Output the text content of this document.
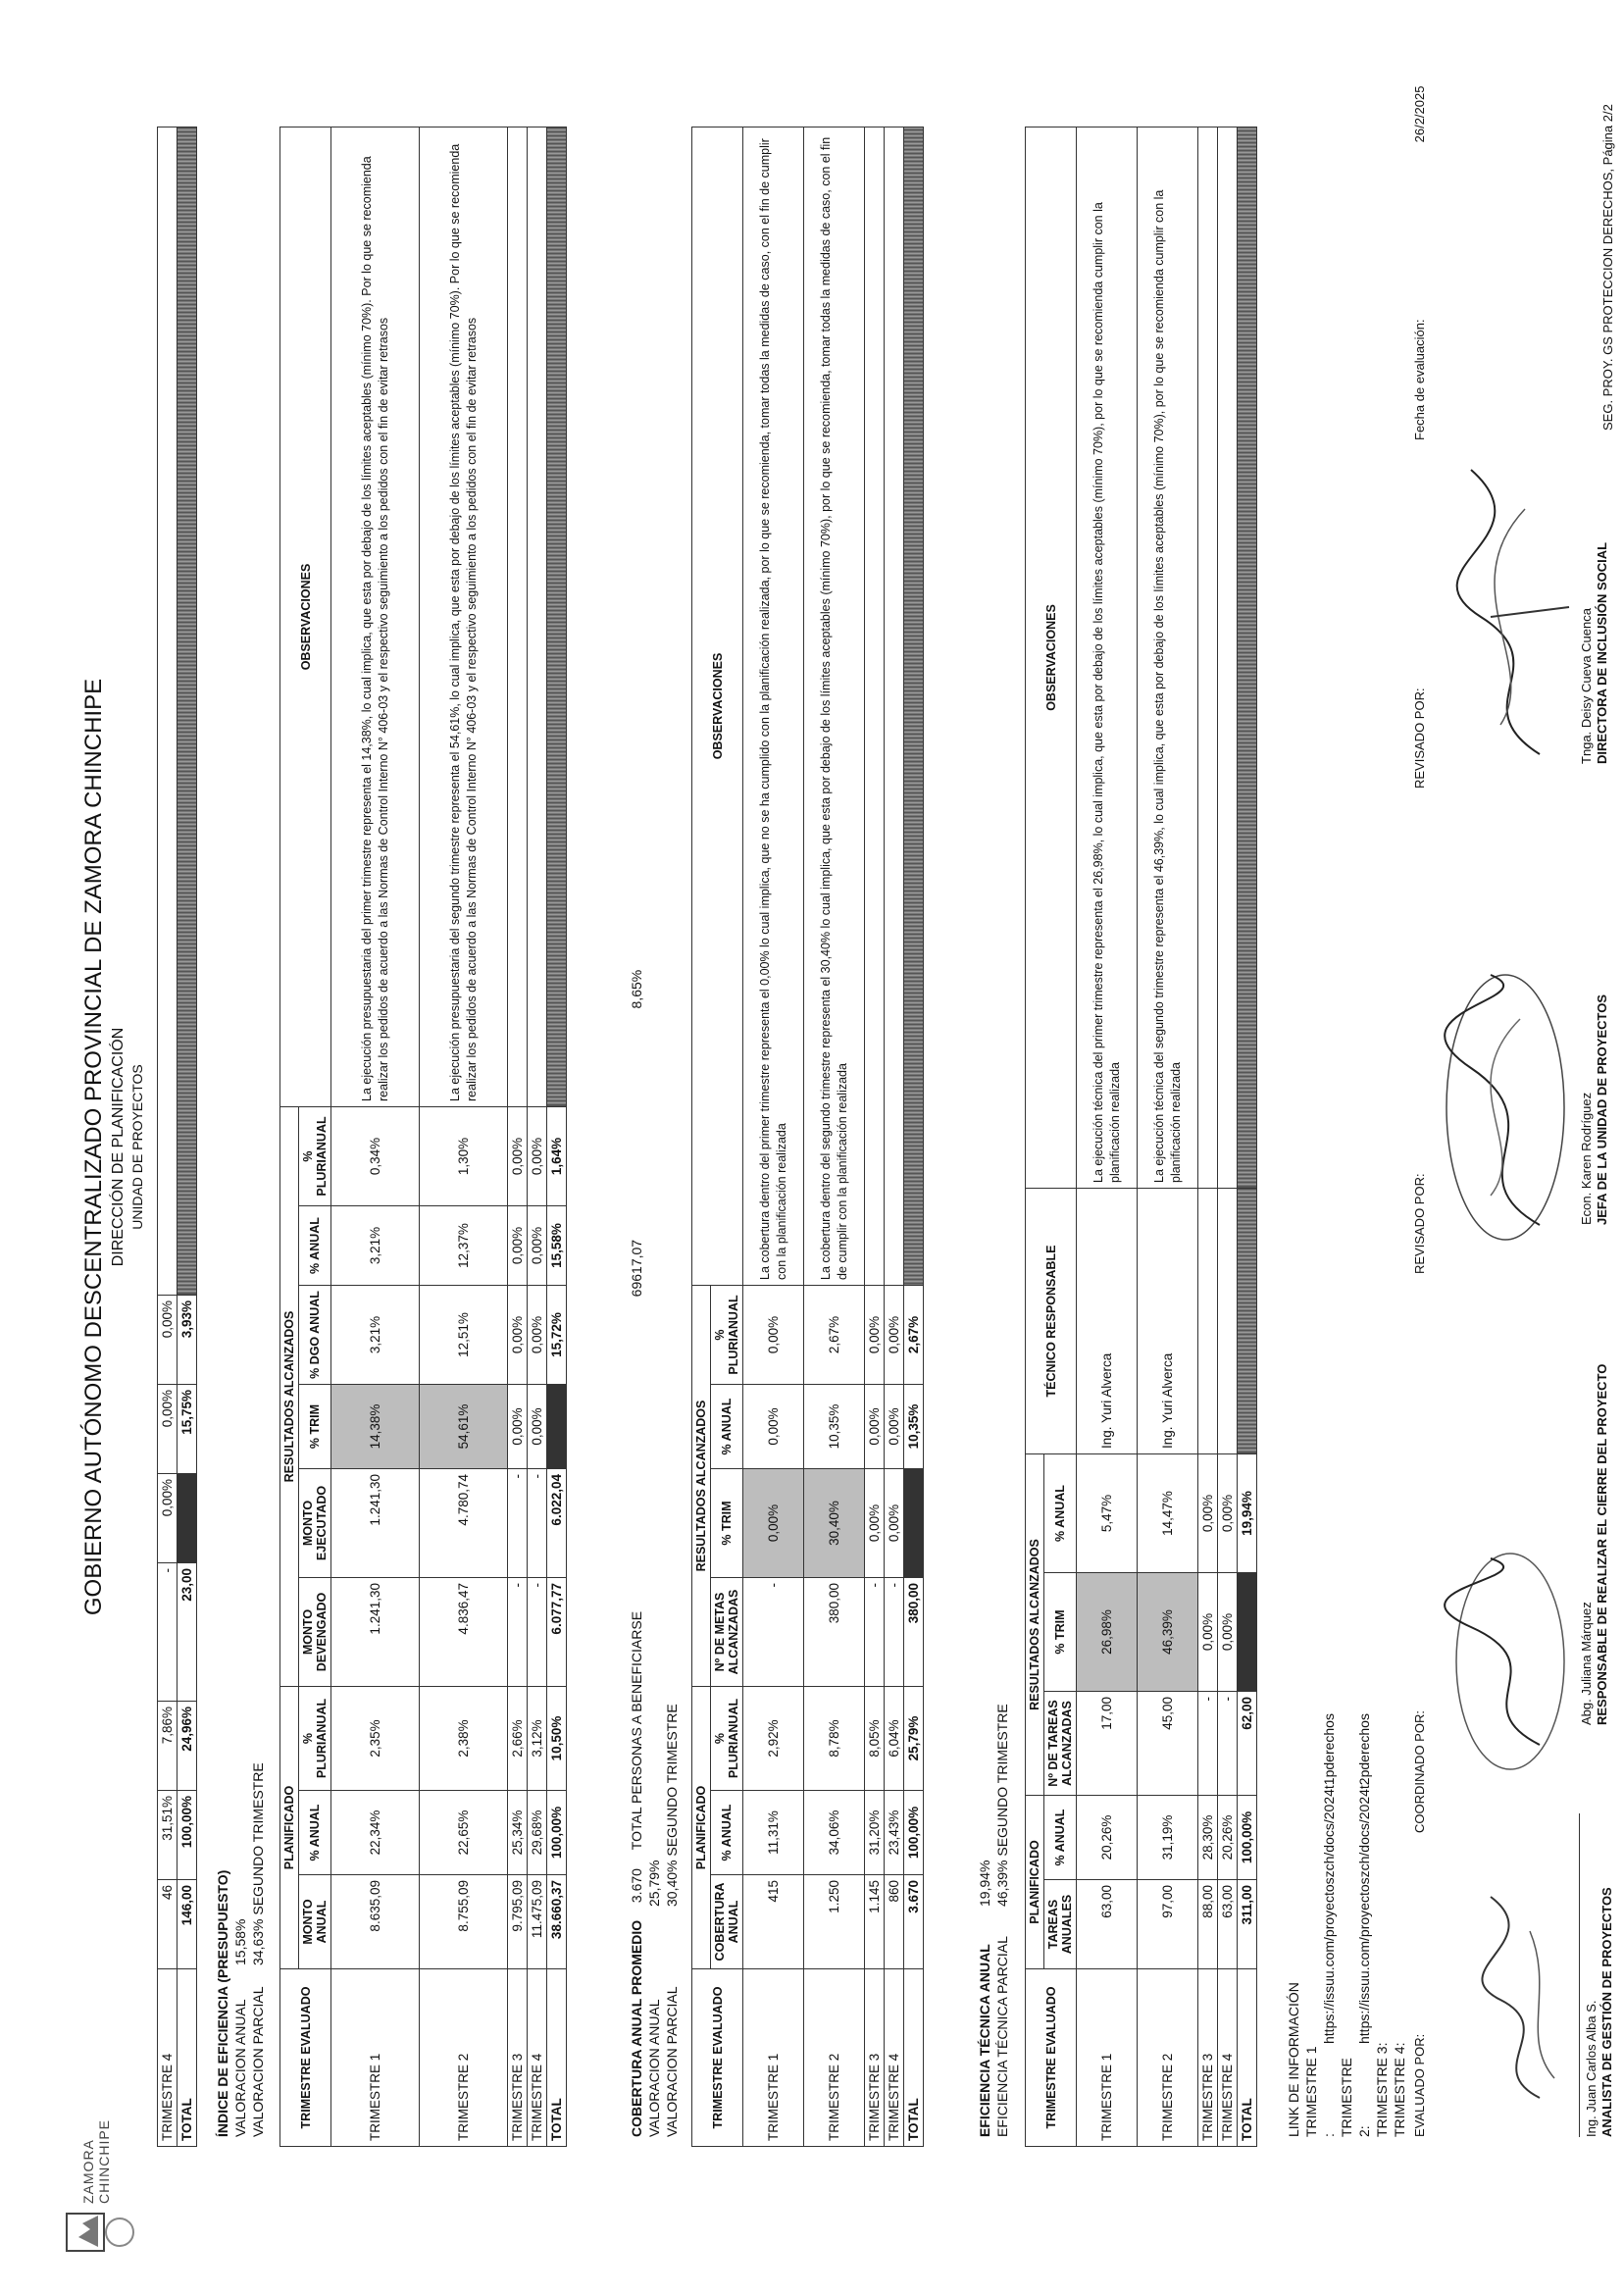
ZAMORA CHINCHIPE
GOBIERNO AUTÓNOMO DESCENTRALIZADO PROVINCIAL DE ZAMORA CHINCHIPE DIRECCIÓN DE PLANIFICACIÓN UNIDAD DE PROYECTOS
TRIMESTRE 4	46	31,51%	7,86%	-	0,00%	0,00%	0,00%	
TOTAL	146,00	100,00%	24,96%	23,00		15,75%	3,93%	
ÍNDICE DE EFICIENCIA (PRESUPUESTO) VALORACION ANUAL15,58%
VALORACION PARCIAL34,63% SEGUNDO TRIMESTRE
TRIMESTRE EVALUADO	PLANIFICADO			RESULTADOS ALCANZADOS						OBSERVACIONES
	MONTO ANUAL	% ANUAL	% PLURIANUAL	MONTO DEVENGADO	MONTO EJECUTADO	% TRIM	% DGO ANUAL	% ANUAL	% PLURIANUAL	
TRIMESTRE 1	8.635,09	22,34%	2,35%	1.241,30	1.241,30	14,38%	3,21%	3,21%	0,34%	La ejecución presupuestaria del primer trimestre representa el 14,38%, lo cual implica, que esta por debajo de los límites aceptables (mínimo 70%). Por lo que se recomienda realizar los pedidos de acuerdo a las Normas de Control Interno N° 406-03 y el respectivo seguimiento a los pedidos con el fin de evitar retrasos
TRIMESTRE 2	8.755,09	22,65%	2,38%	4.836,47	4.780,74	54,61%	12,51%	12,37%	1,30%	La ejecución presupuestaria del segundo trimestre representa el 54,61%, lo cual implica, que esta por debajo de los límites aceptables (mínimo 70%). Por lo que se recomienda realizar los pedidos de acuerdo a las Normas de Control Interno N° 406-03 y el respectivo seguimiento a los pedidos con el fin de evitar retrasos
TRIMESTRE 3	9.795,09	25,34%	2,66%	-	-	0,00%	0,00%	0,00%	0,00%	
TRIMESTRE 4	11.475,09	29,68%	3,12%	-	-	0,00%	0,00%	0,00%	0,00%	
TOTAL	38.660,37	100,00%	10,50%	6.077,77	6.022,04		15,72%	15,58%	1,64%	
COBERTURA ANUAL PROMEDIO 3.670 TOTAL PERSONAS A BENEFICIARSE 69617,07 8,65%
VALORACION ANUAL25,79%
VALORACION PARCIAL30,40% SEGUNDO TRIMESTRE
TRIMESTRE EVALUADO	PLANIFICADO			RESULTADOS ALCANZADOS				OBSERVACIONES
	COBERTURA ANUAL	% ANUAL	% PLURIANUAL	Nº DE METAS ALCANZADAS	% TRIM	% ANUAL	% PLURIANUAL	
TRIMESTRE 1	415	11,31%	2,92%	-	0,00%	0,00%	0,00%	La cobertura dentro del primer trimestre representa el 0,00% lo cual implica, que no se ha cumplido con la planificación realizada, por lo que se recomienda, tomar todas la medidas de caso, con el fin de cumplir con la planificación realizada
TRIMESTRE 2	1.250	34,06%	8,78%	380,00	30,40%	10,35%	2,67%	La cobertura dentro del segundo trimestre representa el 30,40% lo cual implica, que esta por debajo de los límites aceptables (mínimo 70%), por lo que se recomienda, tomar todas la medidas de caso, con el fin de cumplir con la planificación realizada
TRIMESTRE 3	1.145	31,20%	8,05%	-	0,00%	0,00%	0,00%	
TRIMESTRE 4	860	23,43%	6,04%	-	0,00%	0,00%	0,00%	
TOTAL	3.670	100,00%	25,79%	380,00		10,35%	2,67%	
EFICIENCIA TÉCNICA ANUAL19,94%
EFICIENCIA TÉCNICA PARCIAL46,39% SEGUNDO TRIMESTRE
TRIMESTRE EVALUADO	PLANIFICADO		RESULTADOS ALCANZADOS			TÉCNICO RESPONSABLE	OBSERVACIONES
	TAREAS ANUALES	% ANUAL	Nº DE TAREAS ALCANZADAS	% TRIM	% ANUAL		
TRIMESTRE 1	63,00	20,26%	17,00	26,98%	5,47%	Ing. Yuri Alverca	La ejecución técnica del primer trimestre representa el 26,98%, lo cual implica, que esta por debajo de los límites aceptables (mínimo 70%), por lo que se recomienda cumplir con la planificación realizada
TRIMESTRE 2	97,00	31,19%	45,00	46,39%	14,47%	Ing. Yuri Alverca	La ejecución técnica del segundo trimestre representa el 46,39%, lo cual implica, que esta por debajo de los límites aceptables (mínimo 70%), por lo que se recomienda cumplir con la planificación realizada
TRIMESTRE 3	88,00	28,30%	-	0,00%	0,00%		
TRIMESTRE 4	63,00	20,26%	-	0,00%	0,00%		
TOTAL	311,00	100,00%	62,00		19,94%		
LINK DE INFORMACIÓN TRIMESTRE 1 :https://issuu.com/proyectoszch/docs/2024t1pderechos
TRIMESTRE 2:https://issuu.com/proyectoszch/docs/2024t2pderechos
TRIMESTRE 3: TRIMESTRE 4: EVALUADO POR:
COORDINADO POR:
REVISADO POR:
REVISADO POR:
Ing. Juan Carlos Alba S. ANALISTA DE GESTIÓN DE PROYECTOS
Abg. Juliana Márquez RESPONSABLE DE REALIZAR EL CIERRE DEL PROYECTO
Econ. Karen Rodríguez JEFA DE LA UNIDAD DE PROYECTOS
Tnga. Deisy Cueva Cuenca DIRECTORA DE INCLUSIÓN SOCIAL
Fecha de evaluación: 26/2/2025	SEG. PROY. GS PROTECCION DERECHOS, Página 2/2
